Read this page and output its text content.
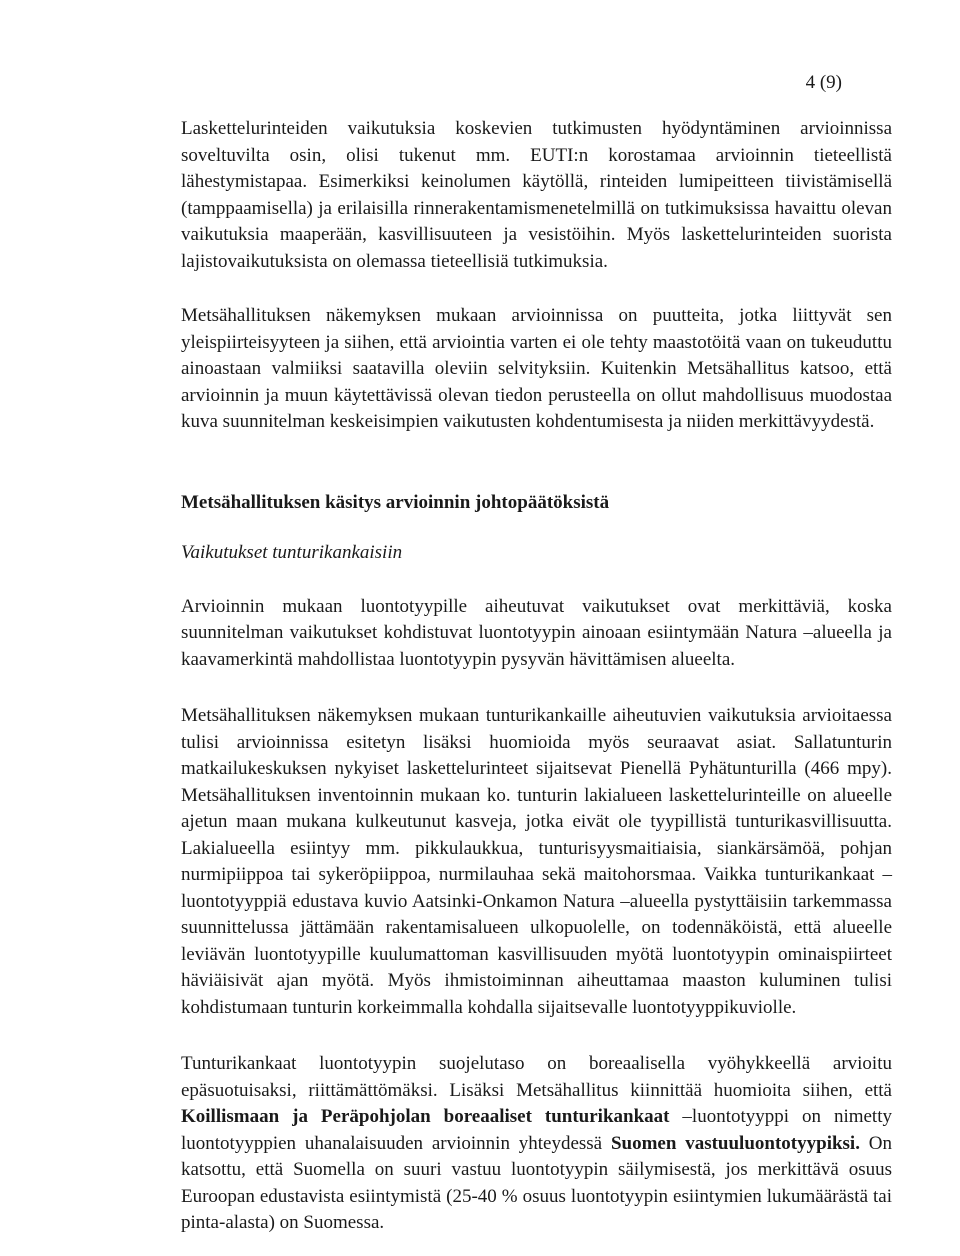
4 (9)

Laskettelurinteiden vaikutuksia koskevien tutkimusten hyödyntäminen arvioinnissa soveltuvilta osin, olisi tukenut mm. EUTI:n korostamaa arvioinnin tieteellistä lähestymistapaa. Esimerkiksi keinolumen käytöllä, rinteiden lumipeitteen tiivistämisellä (tamppaamisella) ja erilaisilla rinnerakentamismenetelmillä on tutkimuksissa havaittu olevan vaikutuksia maaperään, kasvillisuuteen ja vesistöihin. Myös laskettelurinteiden suorista lajistovaikutuksista on olemassa tieteellisiä tutkimuksia.

Metsähallituksen näkemyksen mukaan arvioinnissa on puutteita, jotka liittyvät sen yleispiirteisyyteen ja siihen, että arviointia varten ei ole tehty maastotöitä vaan on tukeuduttu ainoastaan valmiiksi saatavilla oleviin selvityksiin. Kuitenkin Metsähallitus katsoo, että arvioinnin ja muun käytettävissä olevan tiedon perusteella on ollut mahdollisuus muodostaa kuva suunnitelman keskeisimpien vaikutusten kohdentumisesta ja niiden merkittävyydestä.

Metsähallituksen käsitys arvioinnin johtopäätöksistä
Vaikutukset tunturikankaisiin

Arvioinnin mukaan luontotyypille aiheutuvat vaikutukset ovat merkittäviä, koska suunnitelman vaikutukset kohdistuvat luontotyypin ainoaan esiintymään Natura –alueella ja kaavamerkintä mahdollistaa luontotyypin pysyvän hävittämisen alueelta.

Metsähallituksen näkemyksen mukaan tunturikankaille aiheutuvien vaikutuksia arvioitaessa tulisi arvioinnissa esitetyn lisäksi huomioida myös seuraavat asiat. Sallatunturin matkailukeskuksen nykyiset laskettelurinteet sijaitsevat Pienellä Pyhätunturilla (466 mpy). Metsähallituksen inventoinnin mukaan ko. tunturin lakialueen laskettelurinteille on alueelle ajetun maan mukana kulkeutunut kasveja, jotka eivät ole tyypillistä tunturikasvillisuutta. Lakialueella esiintyy mm. pikkulaukkua, tunturisyysmaitiaisia, siankärsämöä, pohjan nurmipiippoa tai sykeröpiippoa, nurmilauhaa sekä maitohorsmaa. Vaikka tunturikankaat –luontotyyppiä edustava kuvio Aatsinki-Onkamon Natura –alueella pystyttäisiin tarkemmassa suunnittelussa jättämään rakentamisalueen ulkopuolelle, on todennäköistä, että alueelle leviävän luontotyypille kuulumattoman kasvillisuuden myötä luontotyypin ominaispiirteet häviäisivät ajan myötä. Myös ihmistoiminnan aiheuttamaa maaston kuluminen tulisi kohdistumaan tunturin korkeimmalla kohdalla sijaitsevalle luontotyyppikuviolle.

Tunturikankaat luontotyypin suojelutaso on boreaalisella vyöhykkeellä arvioitu epäsuotuisaksi, riittämättömäksi. Lisäksi Metsähallitus kiinnittää huomioita siihen, että Koillismaan ja Peräpohjolan boreaaliset tunturikankaat –luontotyyppi on nimetty luontotyyppien uhanalaisuuden arvioinnin yhteydessä Suomen vastuuluontotyypiksi. On katsottu, että Suomella on suuri vastuu luontotyypin säilymisestä, jos merkittävä osuus Euroopan edustavista esiintymistä (25-40 % osuus luontotyypin esiintymien lukumäärästä tai pinta-alasta) on Suomessa.
